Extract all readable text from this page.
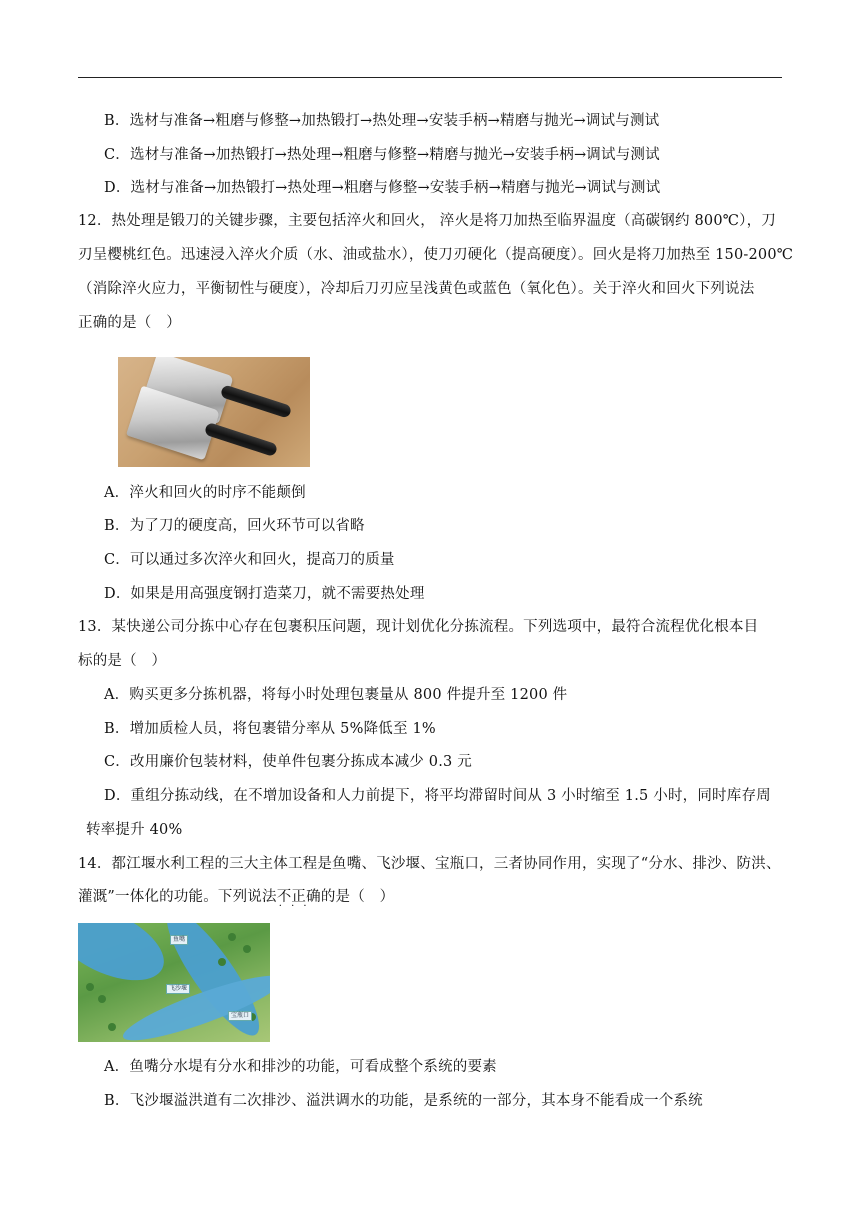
B．选材与准备→粗磨与修整→加热锻打→热处理→安装手柄→精磨与抛光→调试与测试
C．选材与准备→加热锻打→热处理→粗磨与修整→精磨与抛光→安装手柄→调试与测试
D．选材与准备→加热锻打→热处理→粗磨与修整→安装手柄→精磨与抛光→调试与测试
12．热处理是锻刀的关键步骤，主要包括淬火和回火， 淬火是将刀加热至临界温度（高碳钢约 800℃），刀
刃呈樱桃红色。迅速浸入淬火介质（水、油或盐水），使刀刃硬化（提高硬度）。回火是将刀加热至 150-200℃
（消除淬火应力，平衡韧性与硬度），冷却后刀刃应呈浅黄色或蓝色（氧化色）。关于淬火和回火下列说法
正确的是（　）
A．淬火和回火的时序不能颠倒
B．为了刀的硬度高，回火环节可以省略
C．可以通过多次淬火和回火，提高刀的质量
D．如果是用高强度钢打造菜刀，就不需要热处理
13．某快递公司分拣中心存在包裹积压问题，现计划优化分拣流程。下列选项中，最符合流程优化根本目
标的是（　）
A．购买更多分拣机器，将每小时处理包裹量从 800 件提升至 1200 件
B．增加质检人员，将包裹错分率从 5%降低至 1%
C．改用廉价包装材料，使单件包裹分拣成本减少 0.3 元
D．重组分拣动线，在不增加设备和人力前提下，将平均滞留时间从 3 小时缩至 1.5 小时，同时库存周
转率提升 40%
14．都江堰水利工程的三大主体工程是鱼嘴、飞沙堰、宝瓶口，三者协同作用，实现了“分水、排沙、防洪、
灌溉”一体化的功能。下列说法不正确 · · ·的是（　）
鱼嘴
飞沙堰
宝瓶口
A．鱼嘴分水堤有分水和排沙的功能，可看成整个系统的要素
B．飞沙堰溢洪道有二次排沙、溢洪调水的功能，是系统的一部分，其本身不能看成一个系统
